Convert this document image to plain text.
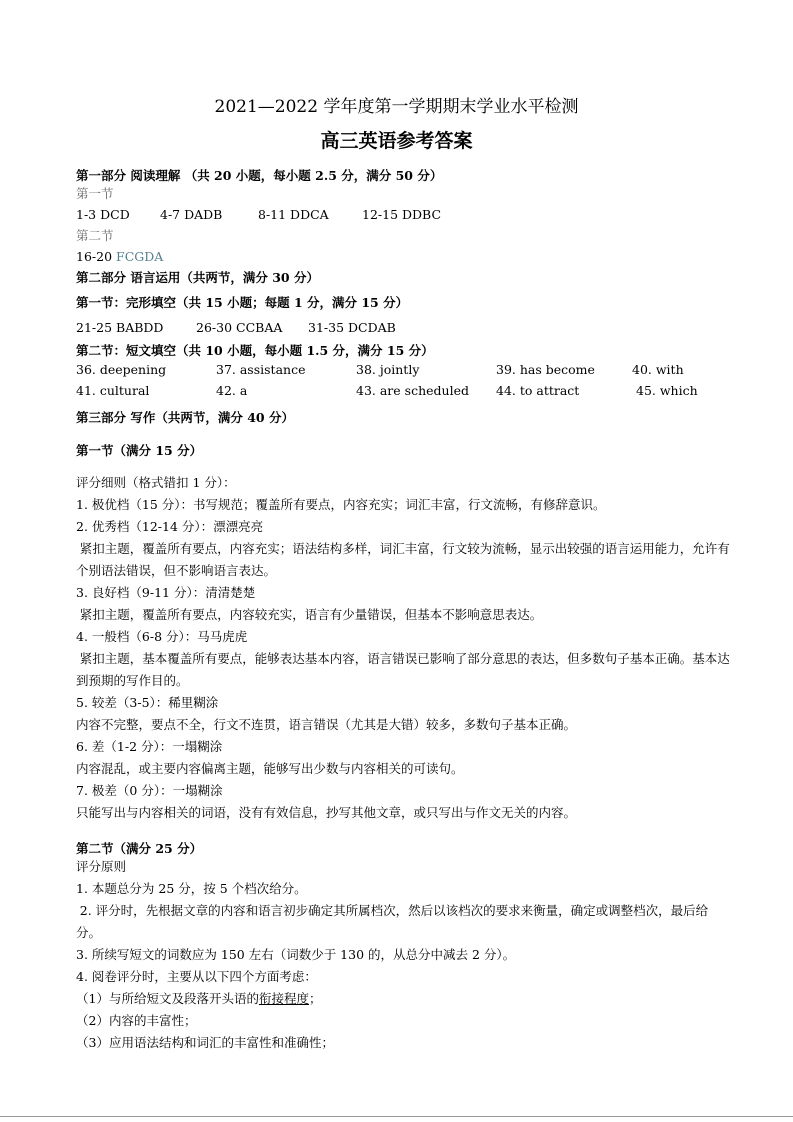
2021—2022 学年度第一学期期末学业水平检测
高三英语参考答案
第一部分 阅读理解 （共 20 小题，每小题 2.5 分，满分 50 分）
第一节
1-3 DCD 4-7 DADB	8-11 DDCA	12-15 DDBC
第二节
16-20 FCGDA
第二部分 语言运用（共两节，满分 30 分）
第一节：完形填空（共 15 小题；每题 1 分，满分 15 分）
21-25 BABDD	26-30 CCBAA 31-35 DCDAB
第二节：短文填空（共 10 小题，每小题 1.5 分，满分 15 分）
36. deepening	37. assistance	38. jointly	39. has become	40. with
41. cultural	42. a	43. are scheduled 44. to attract	45. which
第三部分 写作（共两节，满分 40 分）
第一节（满分 15 分）
评分细则（格式错扣 1 分）：
1. 极优档（15 分）：书写规范；覆盖所有要点，内容充实；词汇丰富，行文流畅，有修辞意识。
2. 优秀档（12-14 分）：漂漂亮亮
紧扣主题，覆盖所有要点，内容充实；语法结构多样，词汇丰富，行文较为流畅，显示出较强的语言运用能力，允许有个别语法错误，但不影响语言表达。
3. 良好档（9-11 分）：清清楚楚
紧扣主题，覆盖所有要点，内容较充实，语言有少量错误，但基本不影响意思表达。
4. 一般档（6-8 分）：马马虎虎
紧扣主题，基本覆盖所有要点，能够表达基本内容，语言错误已影响了部分意思的表达，但多数句子基本正确。基本达到预期的写作目的。
5. 较差（3-5）：稀里糊涂
内容不完整，要点不全，行文不连贯，语言错误（尤其是大错）较多，多数句子基本正确。
6. 差（1-2 分）：一塌糊涂
内容混乱，或主要内容偏离主题，能够写出少数与内容相关的可读句。
7. 极差（0 分）：一塌糊涂
只能写出与内容相关的词语，没有有效信息，抄写其他文章，或只写出与作文无关的内容。
第二节（满分 25 分）
评分原则
1. 本题总分为 25 分，按 5 个档次给分。
2. 评分时，先根据文章的内容和语言初步确定其所属档次，然后以该档次的要求来衡量，确定或调整档次，最后给分。
3. 所续写短文的词数应为 150 左右（词数少于 130 的，从总分中减去 2 分）。
4. 阅卷评分时，主要从以下四个方面考虑：
（1）与所给短文及段落开头语的衔接程度；
（2）内容的丰富性；
（3）应用语法结构和词汇的丰富性和准确性；
